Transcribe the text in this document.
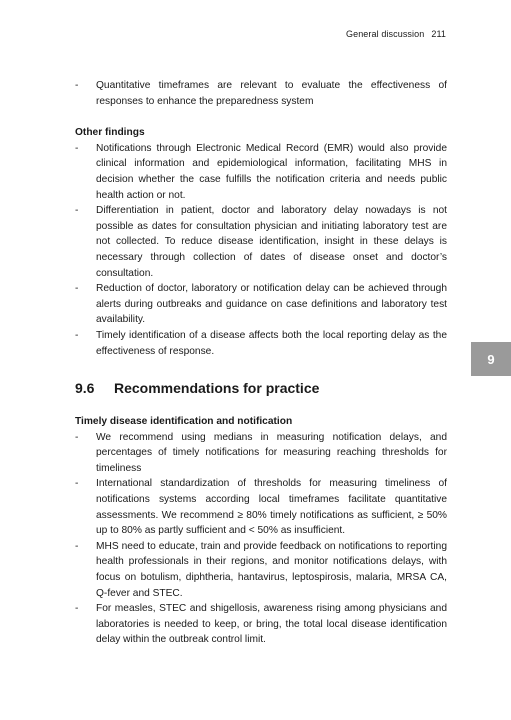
General discussion 211
9
- Quantitative timeframes are relevant to evaluate the effectiveness of responses to enhance the preparedness system
Other findings
- Notifications through Electronic Medical Record (EMR) would also provide clinical information and epidemiological information, facilitating MHS in decision whether the case fulfills the notification criteria and needs public health action or not.
- Differentiation in patient, doctor and laboratory delay nowadays is not possible as dates for consultation physician and initiating laboratory test are not collected. To reduce disease identification, insight in these delays is necessary through collection of dates of disease onset and doctor’s consultation.
- Reduction of doctor, laboratory or notification delay can be achieved through alerts during outbreaks and guidance on case definitions and laboratory test availability.
- Timely identification of a disease affects both the local reporting delay as the effectiveness of response.
9.6 Recommendations for practice
Timely disease identification and notification
- We recommend using medians in measuring notification delays, and percentages of timely notifications for measuring reaching thresholds for timeliness
- International standardization of thresholds for measuring timeliness of notifications systems according local timeframes facilitate quantitative assessments. We recommend ≥ 80% timely notifications as sufficient, ≥ 50% up to 80% as partly sufficient and < 50% as insufficient.
- MHS need to educate, train and provide feedback on notifications to reporting health professionals in their regions, and monitor notifications delays, with focus on botulism, diphtheria, hantavirus, leptospirosis, malaria, MRSA CA, Q-fever and STEC.
- For measles, STEC and shigellosis, awareness rising among physicians and laboratories is needed to keep, or bring, the total local disease identification delay within the outbreak control limit.
